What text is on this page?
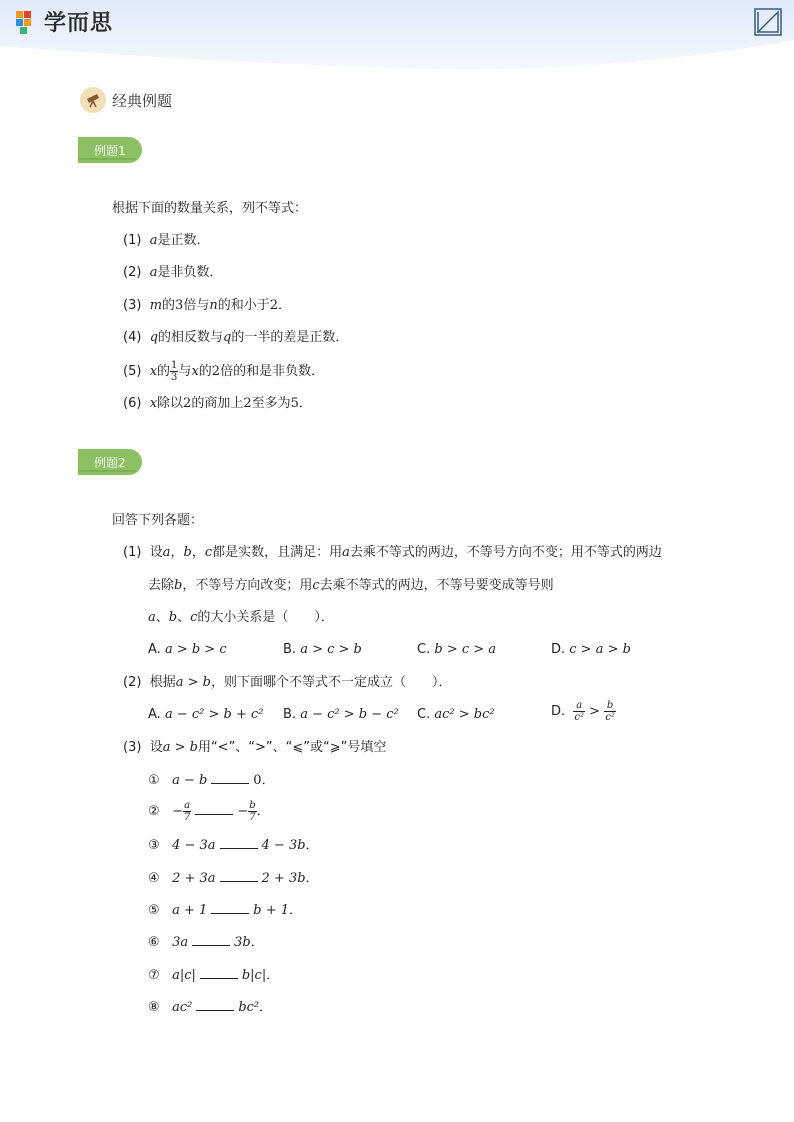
学而思
经典例题
例题1
根据下面的数量关系，列不等式：
(1) a是正数．
(2) a是非负数．
(3) m的3倍与n的和小于2．
(4) q的相反数与q的一半的差是正数．
(5) x的 $\frac{1}{3}$ 与x的2倍的和是非负数．
(6) x除以2的商加上2至多为5．
例题2
回答下列各题：
(1) 设a，b，c都是实数，且满足：用a去乘不等式的两边，不等号方向不变；用不等式的两边
去除b，不等号方向改变；用c去乘不等式的两边，不等号要变成等号则
a、b、c的大小关系是（　　）．
A. a > b > c	B. a > c > b	C. b > c > a	D. c > a > b
(2) 根据a > b，则下面哪个不等式不一定成立（　　）．
A. a − c² > b + c² B. a − c² > b − c² C. ac² > bc²	D. $\frac{a}{\text{c²}} > \frac{b}{\text{c²}}$
(3) 设a > b用“<”、“>”、“⩽”或“⩾”号填空
① a − b	0．
② − $\frac{a}{7}$	− $\frac{b}{7}$ ．
③ 4 − 3a	4 − 3b．
④ 2 + 3a	2 + 3b．
⑤ a + 1	b + 1．
⑥ 3a	3b．
⑦ a|c|	b|c|．
⑧ ac²	bc²．
